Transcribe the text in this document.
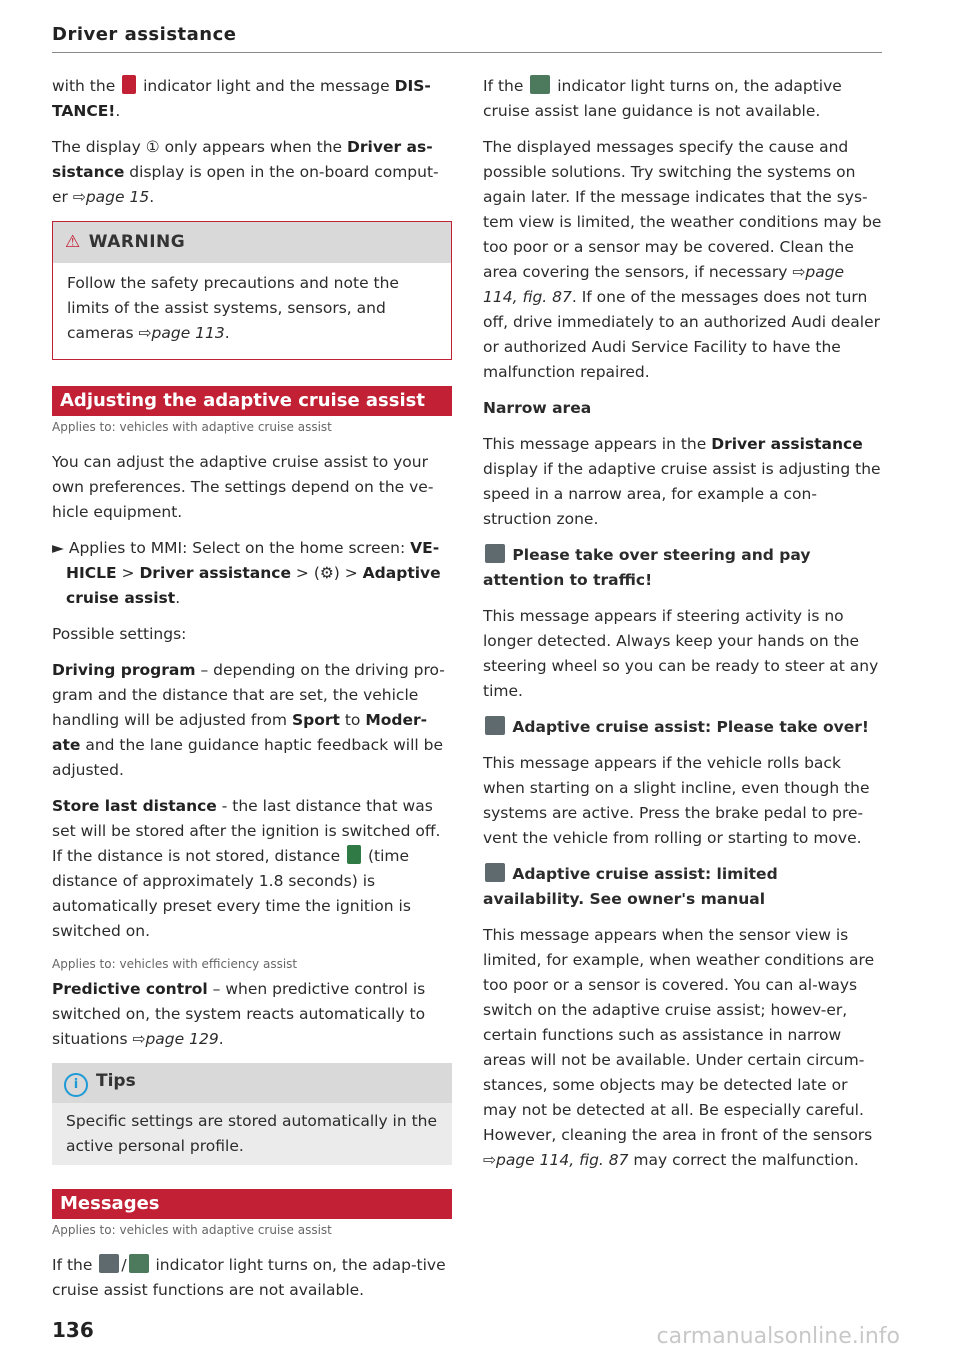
Driver assistance

with the  indicator light and the message DIS-TANCE!.

The display ① only appears when the Driver as-sistance display is open in the on-board comput-er ⇨page 15.

⚠ WARNING

Follow the safety precautions and note the limits of the assist systems, sensors, and cameras ⇨page 113.

Adjusting the adaptive cruise assist

Applies to: vehicles with adaptive cruise assist

You can adjust the adaptive cruise assist to your own preferences. The settings depend on the ve-hicle equipment.

► Applies to MMI: Select on the home screen: VE-HICLE > Driver assistance > (⚙) > Adaptive cruise assist.

Possible settings:

Driving program – depending on the driving pro-gram and the distance that are set, the vehicle handling will be adjusted from Sport to Moder-ate and the lane guidance haptic feedback will be adjusted.

Store last distance - the last distance that was set will be stored after the ignition is switched off. If the distance is not stored, distance  (time distance of approximately 1.8 seconds) is automatically preset every time the ignition is switched on.

Applies to: vehicles with efficiency assist

Predictive control – when predictive control is switched on, the system reacts automatically to situations ⇨page 129.

i Tips
Specific settings are stored automatically in the active personal profile.
Messages

Applies to: vehicles with adaptive cruise assist

If the / indicator light turns on, the adap-tive cruise assist functions are not available.

If the  indicator light turns on, the adaptive cruise assist lane guidance is not available.

The displayed messages specify the cause and possible solutions. Try switching the systems on again later. If the message indicates that the sys-tem view is limited, the weather conditions may be too poor or a sensor may be covered. Clean the area covering the sensors, if necessary ⇨page 114, fig. 87. If one of the messages does not turn off, drive immediately to an authorized Audi dealer or authorized Audi Service Facility to have the malfunction repaired.

Narrow area

This message appears in the Driver assistance display if the adaptive cruise assist is adjusting the speed in a narrow area, for example a con-struction zone.

Please take over steering and pay attention to traffic!

This message appears if steering activity is no longer detected. Always keep your hands on the steering wheel so you can be ready to steer at any time.

Adaptive cruise assist: Please take over!

This message appears if the vehicle rolls back when starting on a slight incline, even though the systems are active. Press the brake pedal to pre-vent the vehicle from rolling or starting to move.

Adaptive cruise assist: limited availability. See owner's manual

This message appears when the sensor view is limited, for example, when weather conditions are too poor or a sensor is covered. You can al-ways switch on the adaptive cruise assist; howev-er, certain functions such as assistance in narrow areas will not be available. Under certain circum-stances, some objects may be detected late or may not be detected at all. Be especially careful. However, cleaning the area in front of the sensors ⇨page 114, fig. 87 may correct the malfunction.

136	carmanualsonline.info
